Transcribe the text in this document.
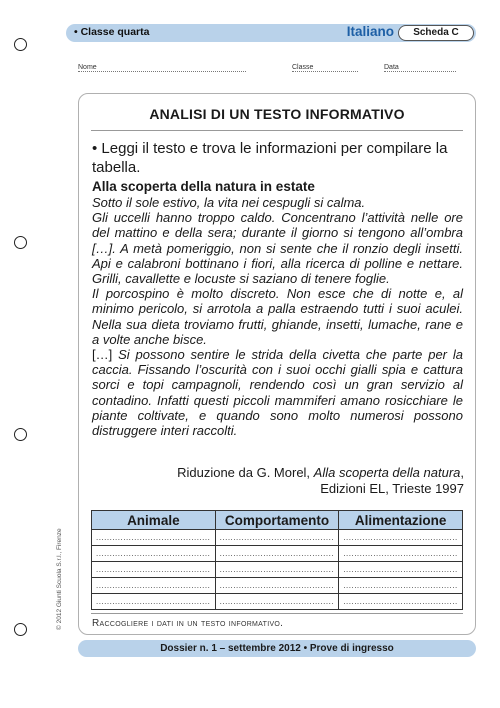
• Classe quarta	Italiano	Scheda C
Nome	Classe	Data
© 2012 Giunti Scuola S.r.l., Firenze
ANALISI DI UN TESTO INFORMATIVO
• Leggi il testo e trova le informazioni per compilare la tabella.
Alla scoperta della natura in estate

Sotto il sole estivo, la vita nei cespugli si calma.

Gli uccelli hanno troppo caldo. Concentrano l’attività nelle ore del mattino e della sera; durante il giorno si tengono all’ombra […]. A metà pomeriggio, non si sente che il ronzio degli insetti. Api e calabroni bottinano i fiori, alla ricerca di polline e nettare. Grilli, cavallette e locuste si saziano di tenere foglie.

Il porcospino è molto discreto. Non esce che di notte e, al minimo pericolo, si arrotola a palla estraendo tutti i suoi aculei. Nella sua dieta troviamo frutti, ghiande, insetti, lumache, rane e a volte anche bisce.

[…] Si possono sentire le strida della civetta che parte per la caccia. Fissando l’oscurità con i suoi occhi gialli spia e cattura sorci e topi campagnoli, rendendo così un gran servizio al contadino. Infatti questi piccoli mammiferi amano rosicchiare le piante coltivate, e quando sono molto numerosi possono distruggere interi raccolti.

Riduzione da G. Morel, Alla scoperta della natura,
Edizioni EL, Trieste 1997
Animale	Comportamento	Alimentazione
..........................................	..........................................	..........................................
..........................................	..........................................	..........................................
..........................................	..........................................	..........................................
..........................................	..........................................	..........................................
..........................................	..........................................	..........................................
Raccogliere i dati in un testo informativo.
Dossier n. 1 – settembre 2012 • Prove di ingresso
